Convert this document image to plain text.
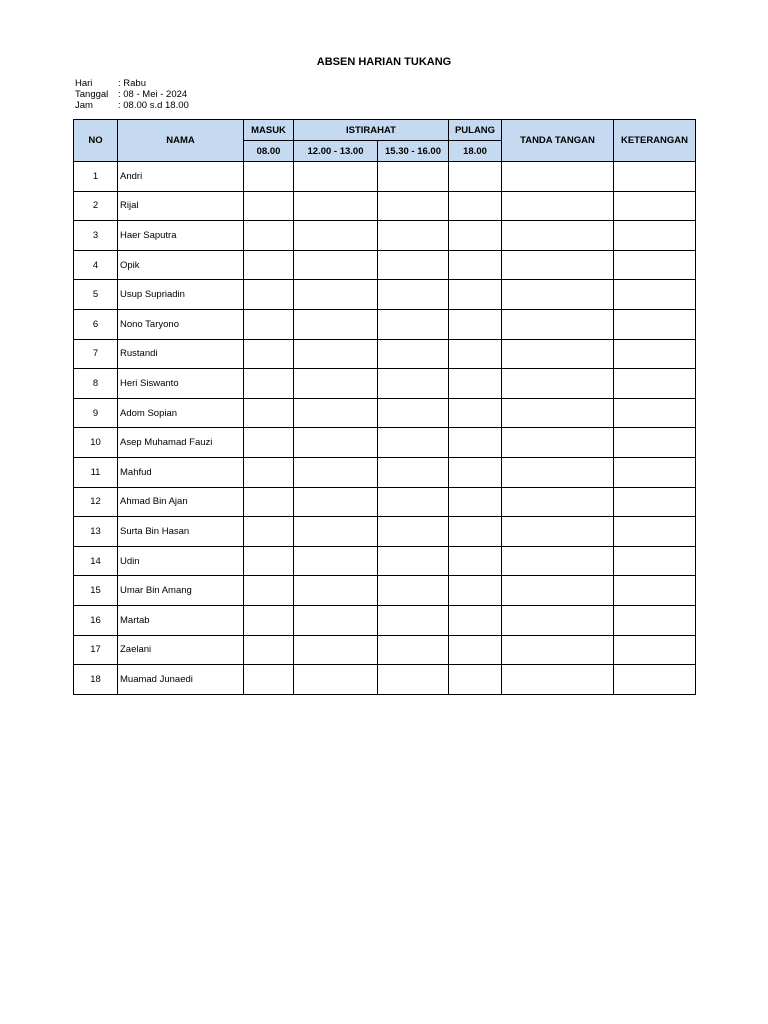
ABSEN HARIAN TUKANG
Hari	: Rabu
Tanggal	: 08 - Mei - 2024
Jam	: 08.00 s.d 18.00
NO	NAMA	MASUK	ISTIRAHAT		PULANG	TANDA TANGAN	KETERANGAN
		08.00	12.00 - 13.00	15.30 - 16.00	18.00		
1	Andri						
2	Rijal						
3	Haer Saputra						
4	Opik						
5	Usup Supriadin						
6	Nono Taryono						
7	Rustandi						
8	Heri Siswanto						
9	Adom Sopian						
10	Asep Muhamad Fauzi						
11	Mahfud						
12	Ahmad Bin Ajan						
13	Surta Bin Hasan						
14	Udin						
15	Umar Bin Amang						
16	Martab						
17	Zaelani						
18	Muamad Junaedi						
